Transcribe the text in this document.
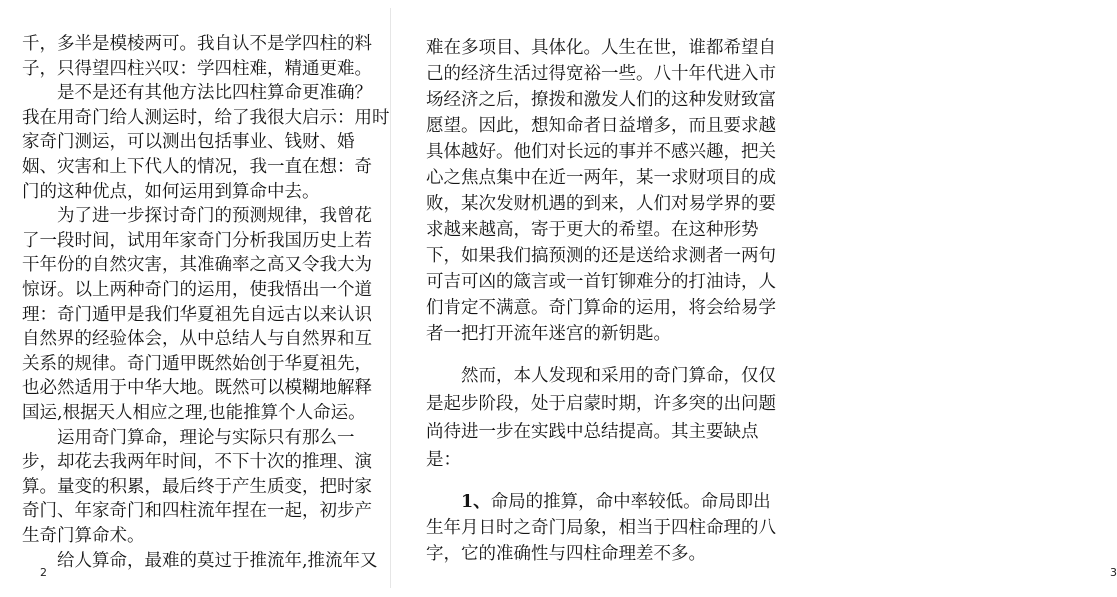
千，多半是模棱两可。我自认不是学四柱的料
子，只得望四柱兴叹：学四柱难，精通更难。
是不是还有其他方法比四柱算命更准确？
我在用奇门给人测运时，给了我很大启示：用时
家奇门测运，可以测出包括事业、钱财、婚
姻、灾害和上下代人的情况，我一直在想：奇
门的这种优点，如何运用到算命中去。
为了进一步探讨奇门的预测规律，我曾花
了一段时间，试用年家奇门分析我国历史上若
干年份的自然灾害，其准确率之高又令我大为
惊讶。以上两种奇门的运用，使我悟出一个道
理：奇门遁甲是我们华夏祖先自远古以来认识
自然界的经验体会，从中总结人与自然界和互
关系的规律。奇门遁甲既然始创于华夏祖先，
也必然适用于中华大地。既然可以模糊地解释
国运,根据天人相应之理,也能推算个人命运。
运用奇门算命，理论与实际只有那么一
步，却花去我两年时间，不下十次的推理、演
算。量变的积累，最后终于产生质变，把时家
奇门、年家奇门和四柱流年捏在一起，初步产
生奇门算命术。
2
给人算命，最难的莫过于推流年,推流年又
难在多项目、具体化。人生在世，谁都希望自
己的经济生活过得宽裕一些。八十年代进入市
场经济之后，撩拨和激发人们的这种发财致富
愿望。因此，想知命者日益增多，而且要求越
具体越好。他们对长远的事并不感兴趣，把关
心之焦点集中在近一两年，某一求财项目的成
败，某次发财机遇的到来，人们对易学界的要
求越来越高，寄于更大的希望。在这种形势
下，如果我们搞预测的还是送给求测者一两句
可吉可凶的箴言或一首钉铆难分的打油诗，人
们肯定不满意。奇门算命的运用，将会给易学
者一把打开流年迷宫的新钥匙。
然而，本人发现和采用的奇门算命，仅仅
是起步阶段，处于启蒙时期，许多突的出问题
尚待进一步在实践中总结提高。其主要缺点
是：
1、命局的推算，命中率较低。命局即出
生年月日时之奇门局象，相当于四柱命理的八
字，它的准确性与四柱命理差不多。
3
